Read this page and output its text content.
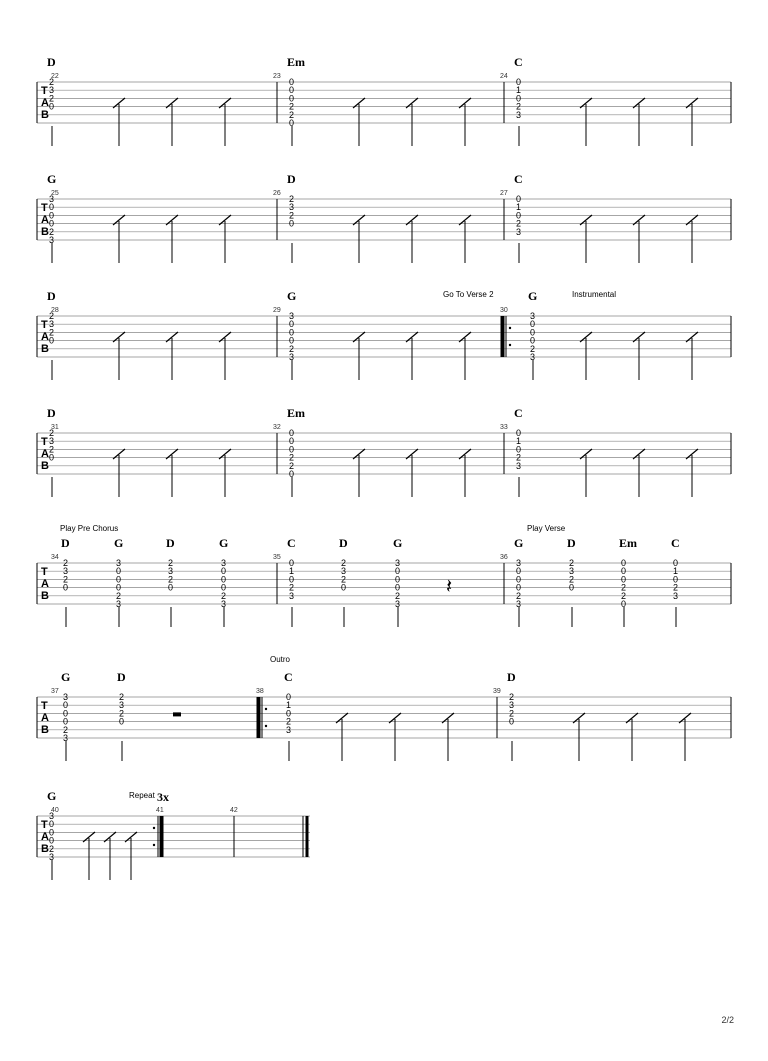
T
A
B
22
D
2
3
2
0
23
Em
0
0
0
2
2
0
24
C
0
1
0
2
3
T
A
B
25
G
3
0
0
0
2
3
26
D
2
3
2
0
27
C
0
1
0
2
3
T
A
B
28
D
2
3
2
0
29
G
3
0
0
0
2
3
Go To Verse 2
30
G
3
0
0
0
2
3
Instrumental
T
A
B
31
D
2
3
2
0
32
Em
0
0
0
2
2
0
33
C
0
1
0
2
3
T
A
B
34
D
2
3
2
0
G
3
0
0
0
2
3
D
2
3
2
0
G
3
0
0
0
2
3
Play Pre Chorus
35
C
0
1
0
2
3
D
2
3
2
0
G
3
0
0
0
2
3
𝄽
36
G
3
0
0
0
2
3
D
2
3
2
0
Em
0
0
0
2
2
0
C
0
1
0
2
3
Play Verse
T
A
B
37
G
3
0
0
0
2
3
D
2
3
2
0
38
C
0
1
0
2
3
Outro
39
D
2
3
2
0
T
A
B
40
G
3
0
0
0
2
3
41	42
Repeat 3x
2/2
